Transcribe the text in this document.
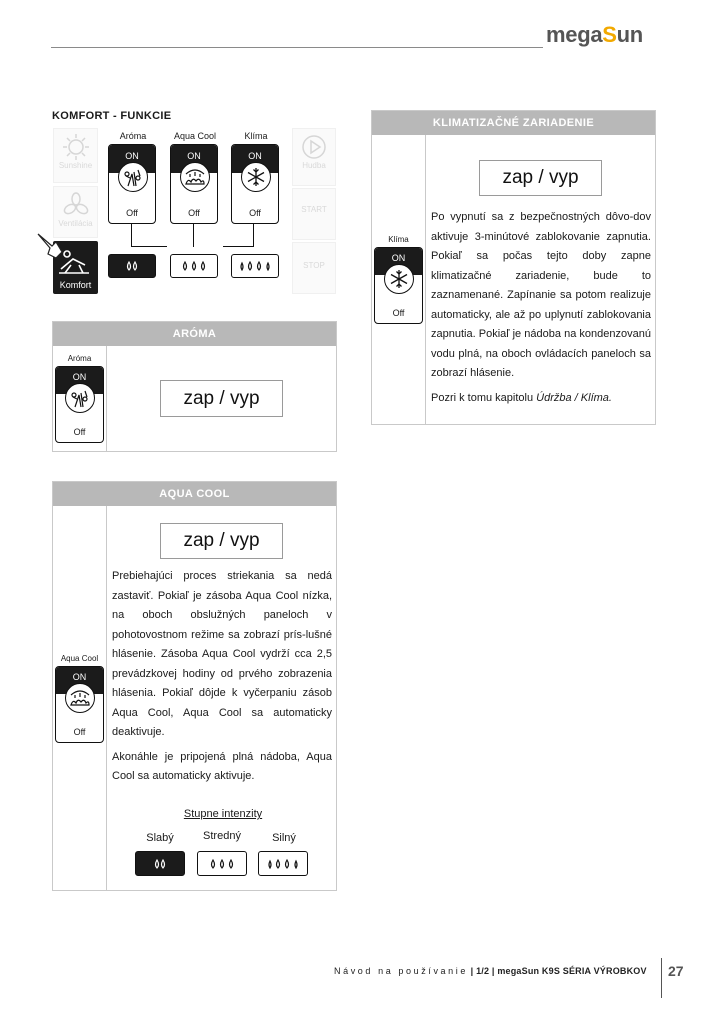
megaSun
KOMFORT - FUNKCIE
Sunshine
Ventilácia
Komfort
Aróma	Aqua Cool	Klíma
ON
Off
ON
Off
ON
Off
Hudba
START
STOP
ARÓMA
Aróma
ON
Off
zap / vyp
AQUA COOL
Aqua Cool
ON
Off
zap / vyp

Prebiehajúci proces striekania sa nedá zastaviť. Pokiaľ je zásoba Aqua Cool nízka, na oboch obslužných paneloch v pohotovostnom režime sa zobrazí prís-lušné hlásenie. Zásoba Aqua Cool vydrží cca 2,5 prevádzkovej hodiny od prvého zobrazenia hlásenia. Pokiaľ dôjde k vyčerpaniu zásob Aqua Cool, Aqua Cool sa automaticky deaktivuje.

Akonáhle je pripojená plná nádoba, Aqua Cool sa automaticky aktivuje.

Stupne intenzity
Slabý	Stredný	Silný
KLIMATIZAČNÉ ZARIADENIE
Klíma
ON
Off
zap / vyp

Po vypnutí sa z bezpečnostných dôvo-dov aktivuje 3-minútové zablokovanie zapnutia. Pokiaľ sa počas tejto doby zapne klimatizačné zariadenie, bude to zaznamenané. Zapínanie sa potom realizuje automaticky, ale až po uplynutí zablokovania zapnutia. Pokiaľ je nádoba na kondenzovanú vodu plná, na oboch ovládacích paneloch sa zobrazí hlásenie.

Pozri k tomu kapitolu Údržba / Klíma.

Návod na používanie | 1/2 | megaSun K9S SÉRIA VÝROBKOV 27
